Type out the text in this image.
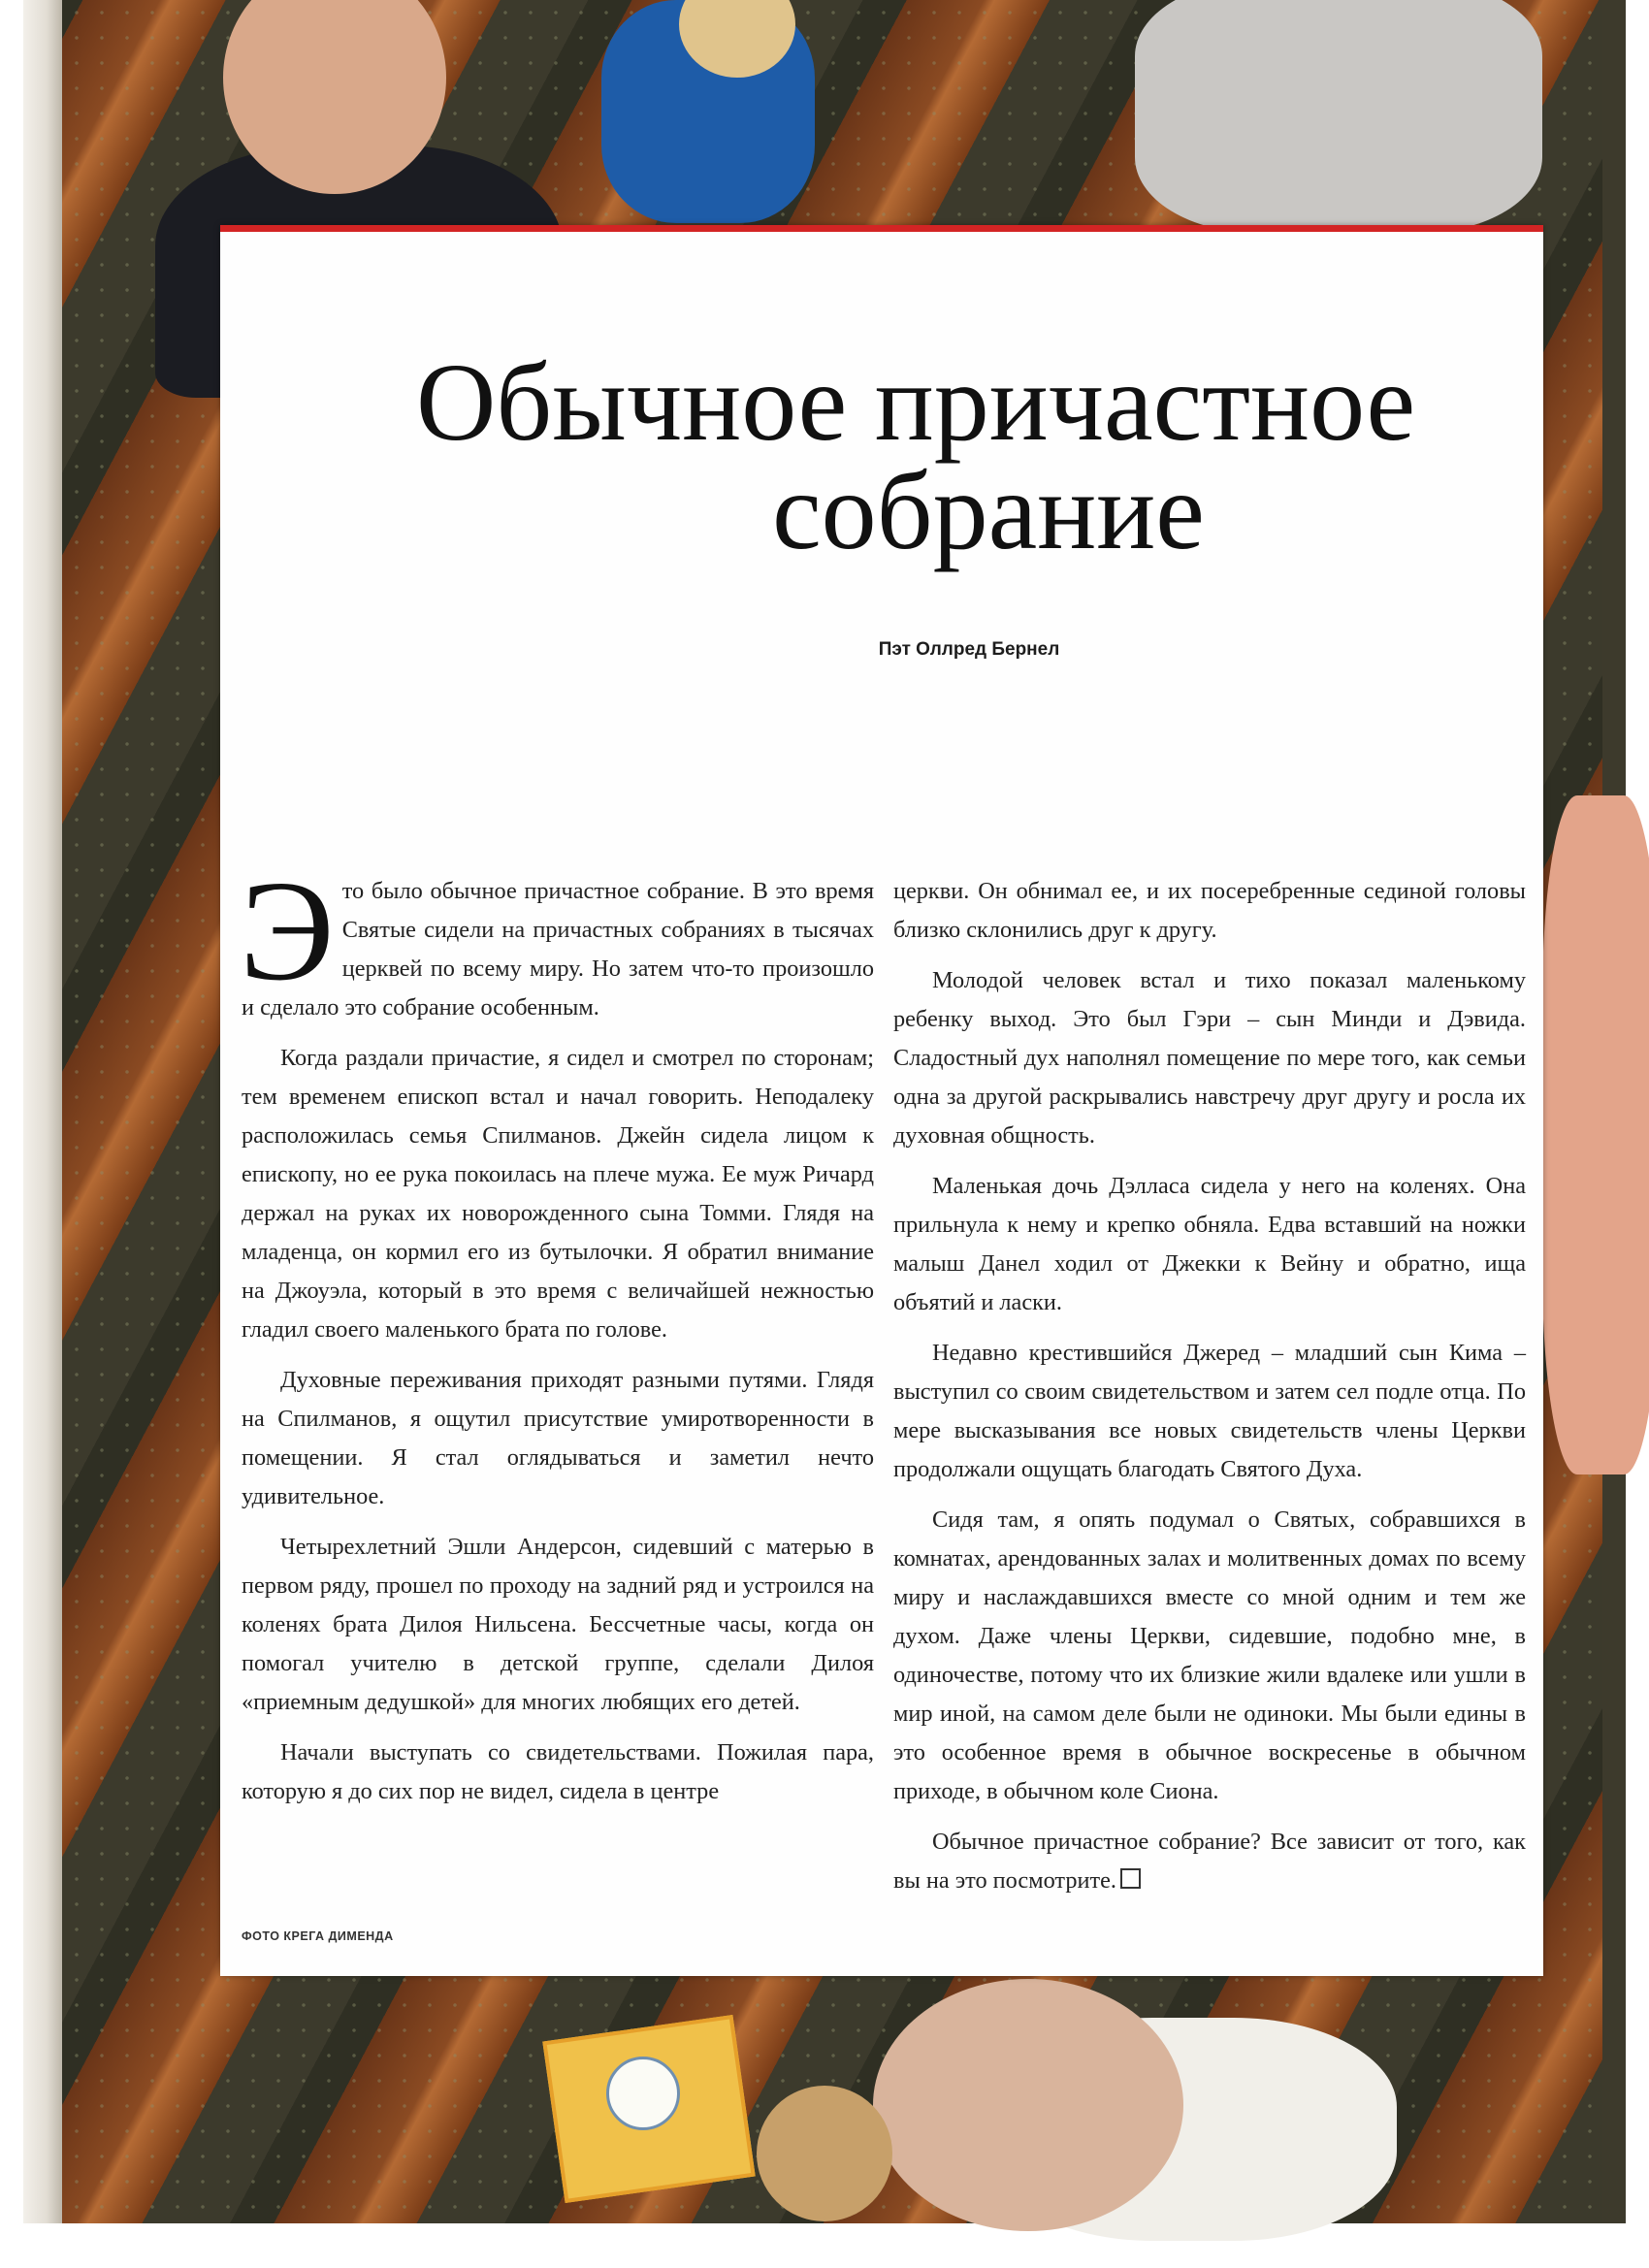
Обычное причастное
собрание
Пэт Оллред Бернел

Это было обычное причастное собрание. В это время Святые сидели на причастных собраниях в тысячах церквей по всему миру. Но затем что-то произошло и сделало это собрание особенным.

Когда раздали причастие, я сидел и смотрел по сторонам; тем временем епископ встал и начал говорить. Неподалеку расположилась семья Спилманов. Джейн сидела лицом к епископу, но ее рука покоилась на плече мужа. Ее муж Ричард держал на руках их новорожденного сына Томми. Глядя на младенца, он кормил его из бутылочки. Я обратил внимание на Джоуэла, который в это время с величайшей нежностью гладил своего маленького брата по голове.

Духовные переживания приходят разными путями. Глядя на Спилманов, я ощутил присутствие умиротворенности в помещении. Я стал оглядываться и заметил нечто удивительное.

Четырехлетний Эшли Андерсон, сидевший с матерью в первом ряду, прошел по проходу на задний ряд и устроился на коленях брата Дилоя Нильсена. Бессчетные часы, когда он помогал учителю в детской группе, сделали Дилоя «приемным дедушкой» для многих любящих его детей.

Начали выступать со свидетельствами. Пожилая пара, которую я до сих пор не видел, сидела в центре

церкви. Он обнимал ее, и их посеребренные сединой головы близко склонились друг к другу.

Молодой человек встал и тихо показал маленькому ребенку выход. Это был Гэри – сын Минди и Дэвида. Сладостный дух наполнял помещение по мере того, как семьи одна за другой раскрывались навстречу друг другу и росла их духовная общность.

Маленькая дочь Дэлласа сидела у него на коленях. Она прильнула к нему и крепко обняла. Едва вставший на ножки малыш Данел ходил от Джекки к Вейну и обратно, ища объятий и ласки.

Недавно крестившийся Джеред – младший сын Кима – выступил со своим свидетельством и затем сел подле отца. По мере высказывания все новых свидетельств члены Церкви продолжали ощущать благодать Святого Духа.

Сидя там, я опять подумал о Святых, собравшихся в комнатах, арендованных залах и молитвенных домах по всему миру и наслаждавшихся вместе со мной одним и тем же духом. Даже члены Церкви, сидевшие, подобно мне, в одиночестве, потому что их близкие жили вдалеке или ушли в мир иной, на самом деле были не одиноки. Мы были едины в это особенное время в обычное воскресенье в обычном приходе, в обычном коле Сиона.

Обычное причастное собрание? Все зависит от того, как вы на это посмотрите.

ФОТО КРЕГА ДИМЕНДА
